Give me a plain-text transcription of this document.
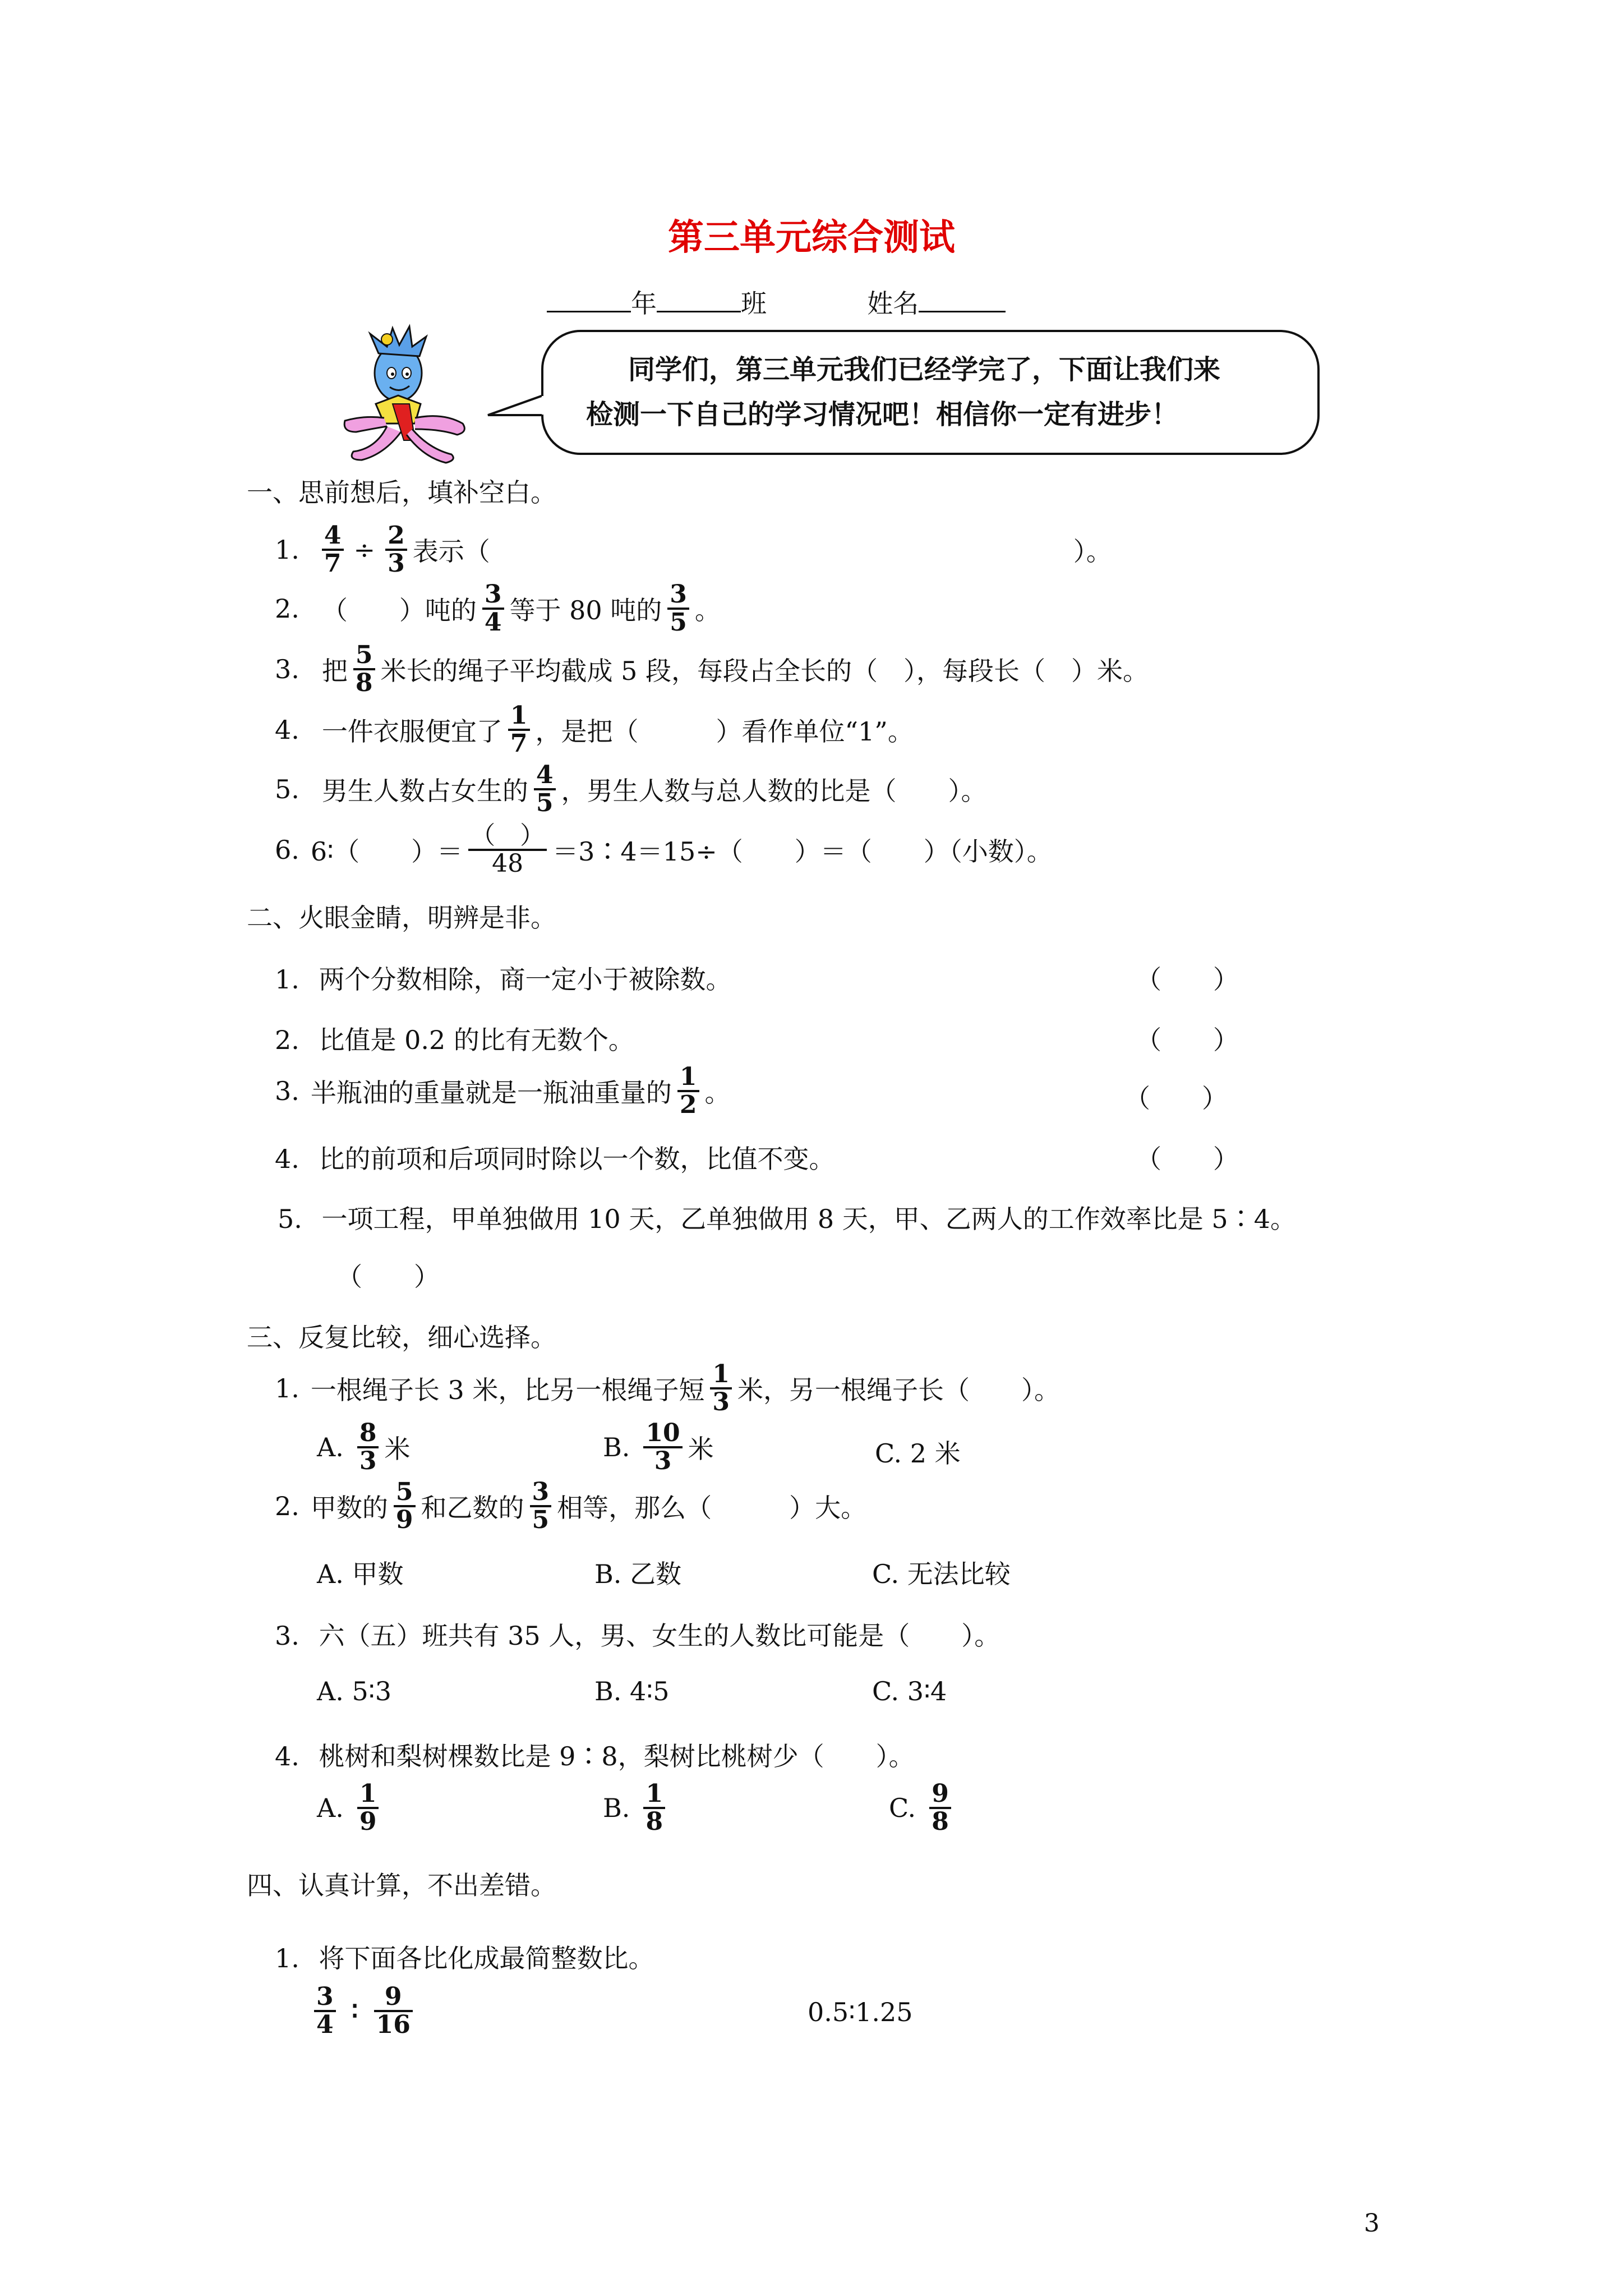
第三单元综合测试
年	班	姓名
同学们，第三单元我们已经学完了，下面让我们来
检测一下自己的学习情况吧！相信你一定有进步！
一、思前想后，填补空白。
1. $\frac{4}{7} \div \frac{2}{3}$ 表示（	）。
2. （　　）吨的 $\frac{3}{4}$ 等于 80 吨的 $\frac{3}{5}$ 。
3. 把 $\frac{5}{8}$ 米长的绳子平均截成 5 段，每段占全长的（　），每段长（　）米。
4. 一件衣服便宜了 $\frac{1}{7}$ ，是把（　　　）看作单位“1”。
5. 男生人数占女生的 $\frac{4}{5}$ ，男生人数与总人数的比是（　　）。
6. 6∶（　　）＝ $\frac{( )}{48}$ ＝3∶4＝15÷（　　）＝（　　）（小数）。
二、火眼金睛，明辨是非。
1. 两个分数相除，商一定小于被除数。	（　　）
2. 比值是 0.2 的比有无数个。	（　　）
3. 半瓶油的重量就是一瓶油重量的 $\frac{1}{2}$ 。	（　　）
4. 比的前项和后项同时除以一个数，比值不变。	（　　）
5. 一项工程，甲单独做用 10 天，乙单独做用 8 天，甲、乙两人的工作效率比是 5∶4。
（　　）
三、反复比较，细心选择。
1. 一根绳子长 3 米，比另一根绳子短 $\frac{1}{3}$ 米，另一根绳子长（　　）。
A. $\frac{8}{3}$ 米	B. $\frac{10}{3}$ 米	C. 2 米
2. 甲数的 $\frac{5}{9}$ 和乙数的 $\frac{3}{5}$ 相等，那么（　　　）大。
A. 甲数	B. 乙数	C. 无法比较
3. 六（五）班共有 35 人，男、女生的人数比可能是（　　）。
A. 5∶3	B. 4∶5	C. 3∶4
4. 桃树和梨树棵数比是 9∶8，梨树比桃树少（　　）。
A. $\frac{1}{9}$	B. $\frac{1}{8}$	C. $\frac{9}{8}$
四、认真计算，不出差错。
1. 将下面各比化成最简整数比。
$\frac{3}{4}$ ∶ $\frac{9}{16}$	0.5∶1.25
3
